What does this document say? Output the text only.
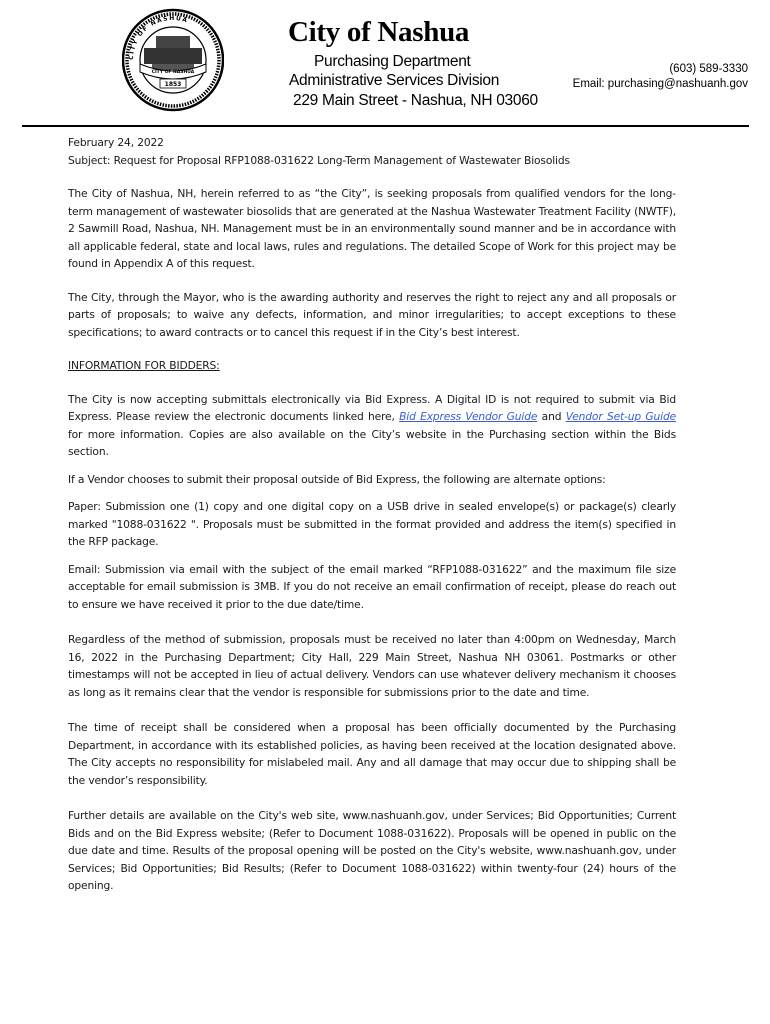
CITY OF NASHUA
CITY OF NASHUA
1853
City of Nashua
Purchasing Department
Administrative Services Division
229 Main Street - Nashua, NH 03060
(603) 589-3330
Email: purchasing@nashuanh.gov

February 24, 2022

Subject: Request for Proposal RFP1088-031622 Long-Term Management of Wastewater Biosolids

The City of Nashua, NH, herein referred to as “the City”, is seeking proposals from qualified vendors for the long-term management of wastewater biosolids that are generated at the Nashua Wastewater Treatment Facility (NWTF), 2 Sawmill Road, Nashua, NH. Management must be in an environmentally sound manner and be in accordance with all applicable federal, state and local laws, rules and regulations. The detailed Scope of Work for this project may be found in Appendix A of this request.

The City, through the Mayor, who is the awarding authority and reserves the right to reject any and all proposals or parts of proposals; to waive any defects, information, and minor irregularities; to accept exceptions to these specifications; to award contracts or to cancel this request if in the City’s best interest.

INFORMATION FOR BIDDERS:

The City is now accepting submittals electronically via Bid Express. A Digital ID is not required to submit via Bid Express. Please review the electronic documents linked here, Bid Express Vendor Guide and Vendor Set-up Guide for more information. Copies are also available on the City’s website in the Purchasing section within the Bids section.

If a Vendor chooses to submit their proposal outside of Bid Express, the following are alternate options:

Paper: Submission one (1) copy and one digital copy on a USB drive in sealed envelope(s) or package(s) clearly marked "1088-031622 ". Proposals must be submitted in the format provided and address the item(s) specified in the RFP package.

Email: Submission via email with the subject of the email marked “RFP1088-031622” and the maximum file size acceptable for email submission is 3MB. If you do not receive an email confirmation of receipt, please do reach out to ensure we have received it prior to the due date/time.

Regardless of the method of submission, proposals must be received no later than 4:00pm on Wednesday, March 16, 2022 in the Purchasing Department; City Hall, 229 Main Street, Nashua NH 03061. Postmarks or other timestamps will not be accepted in lieu of actual delivery. Vendors can use whatever delivery mechanism it chooses as long as it remains clear that the vendor is responsible for submissions prior to the date and time.

The time of receipt shall be considered when a proposal has been officially documented by the Purchasing Department, in accordance with its established policies, as having been received at the location designated above. The City accepts no responsibility for mislabeled mail. Any and all damage that may occur due to shipping shall be the vendor’s responsibility.

Further details are available on the City's web site, www.nashuanh.gov, under Services; Bid Opportunities; Current Bids and on the Bid Express website; (Refer to Document 1088-031622). Proposals will be opened in public on the due date and time. Results of the proposal opening will be posted on the City's website, www.nashuanh.gov, under Services; Bid Opportunities; Bid Results; (Refer to Document 1088-031622) within twenty-four (24) hours of the opening.
